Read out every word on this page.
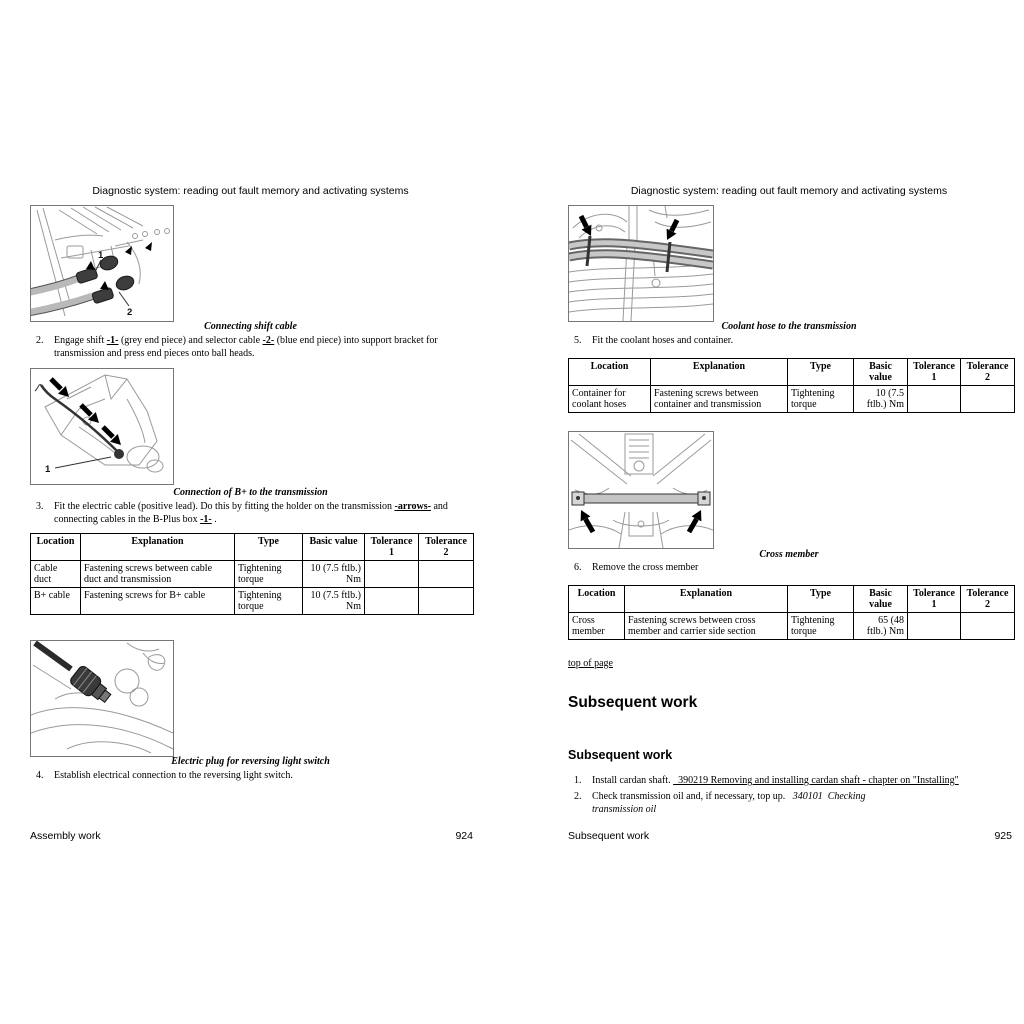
Diagnostic system: reading out fault memory and activating systems
1
2
Connecting shift cable
2.	Engage shift -1- (grey end piece) and selector cable -2- (blue end piece) into support bracket for transmission and press end pieces onto ball heads.
1
Connection of B+ to the transmission
3.	Fit the electric cable (positive lead). Do this by fitting the holder on the transmission -arrows- and connecting cables in the B-Plus box -1- .
Location	Explanation	Type	Basic value	Tolerance 1	Tolerance 2
Cable duct	Fastening screws between cable duct and transmission	Tightening torque	10 (7.5 ftlb.) Nm		
B+ cable	Fastening screws for B+ cable	Tightening torque	10 (7.5 ftlb.) Nm		
Electric plug for reversing light switch
4.	Establish electrical connection to the reversing light switch.
Assembly work	924
Diagnostic system: reading out fault memory and activating systems
Coolant hose to the transmission
5.	Fit the coolant hoses and container.
Location	Explanation	Type	Basic value	Tolerance 1	Tolerance 2
Container for coolant hoses	Fastening screws between container and transmission	Tightening torque	10 (7.5 ftlb.) Nm		
Cross member
6.	Remove the cross member
Location	Explanation	Type	Basic value	Tolerance 1	Tolerance 2
Cross member	Fastening screws between cross member and carrier side section	Tightening torque	65 (48 ftlb.) Nm		
top of page
Subsequent work
Subsequent work
1.	Install cardan shaft.   390219 Removing and installing cardan shaft - chapter on "Installing"
2.	Check transmission oil and, if necessary, top up.   340101  Checking transmission oil
Subsequent work	925
